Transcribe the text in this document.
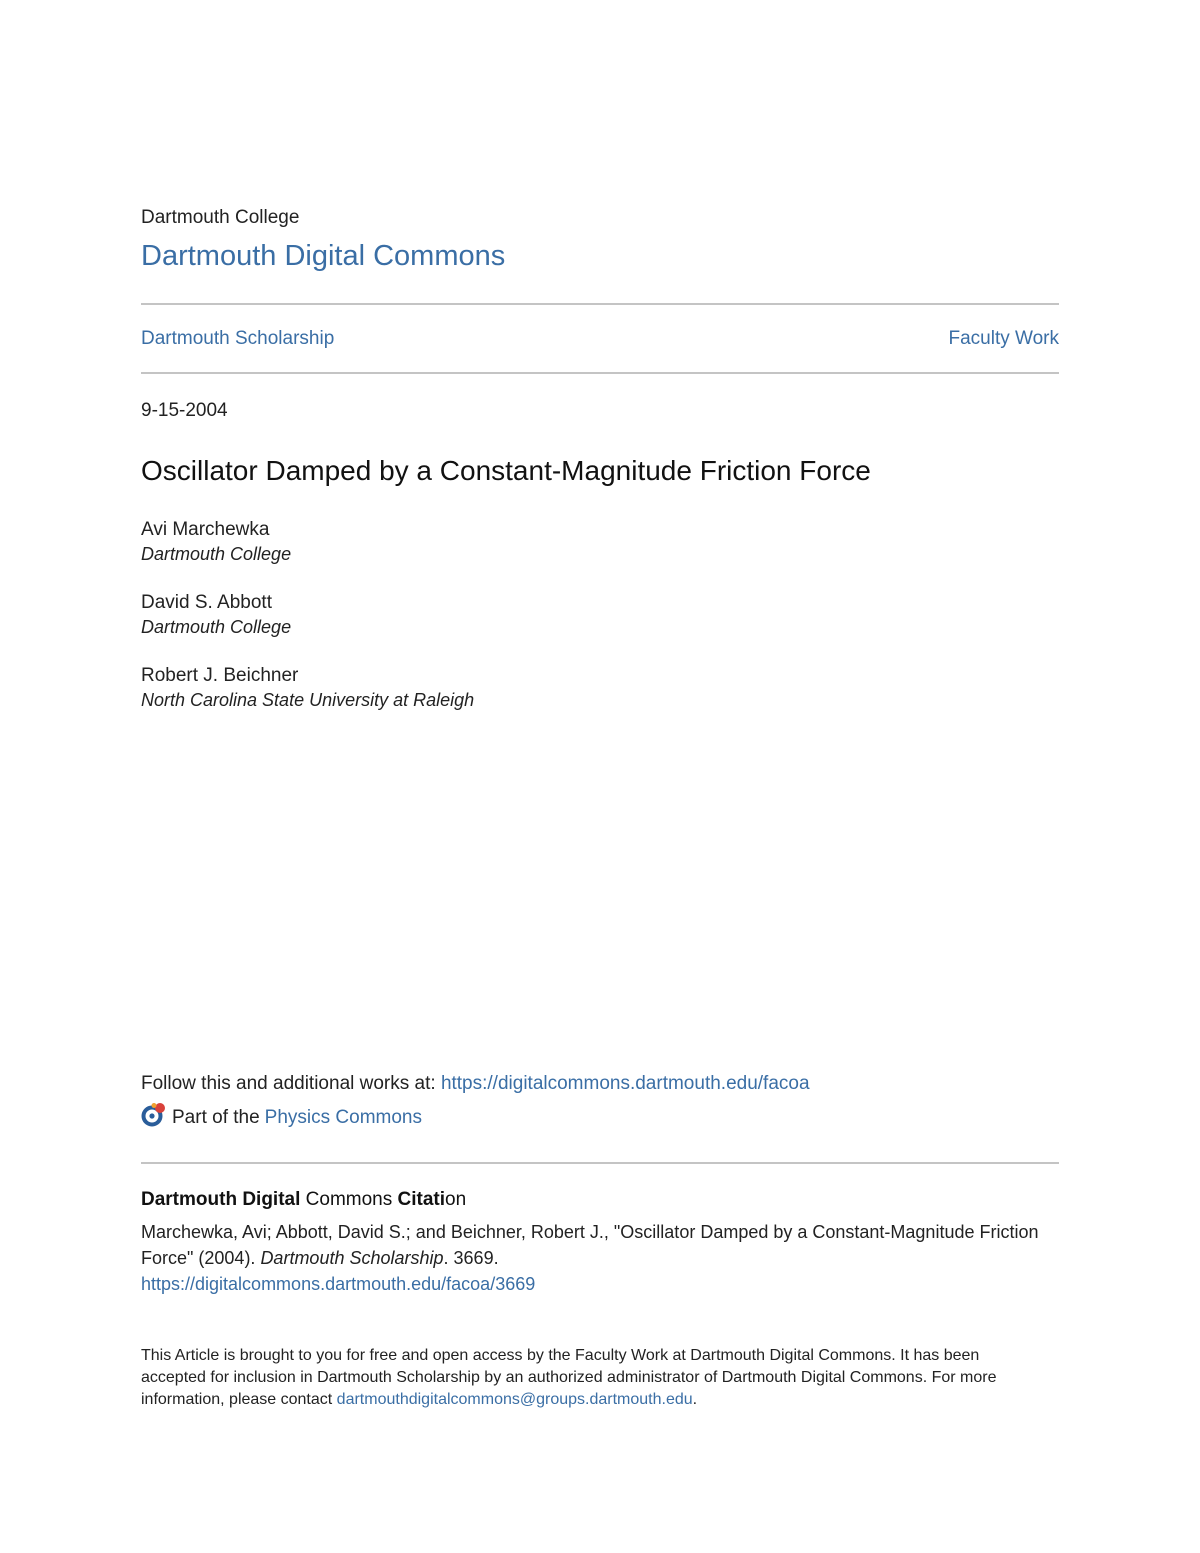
Dartmouth College
Dartmouth Digital Commons
Dartmouth Scholarship	Faculty Work
9-15-2004
Oscillator Damped by a Constant-Magnitude Friction Force
Avi Marchewka
Dartmouth College
David S. Abbott
Dartmouth College
Robert J. Beichner
North Carolina State University at Raleigh
Follow this and additional works at: https://digitalcommons.dartmouth.edu/facoa
Part of the Physics Commons
Dartmouth Digital Commons Citation
Marchewka, Avi; Abbott, David S.; and Beichner, Robert J., "Oscillator Damped by a Constant-Magnitude Friction Force" (2004). Dartmouth Scholarship. 3669.
https://digitalcommons.dartmouth.edu/facoa/3669
This Article is brought to you for free and open access by the Faculty Work at Dartmouth Digital Commons. It has been accepted for inclusion in Dartmouth Scholarship by an authorized administrator of Dartmouth Digital Commons. For more information, please contact dartmouthdigitalcommons@groups.dartmouth.edu.
